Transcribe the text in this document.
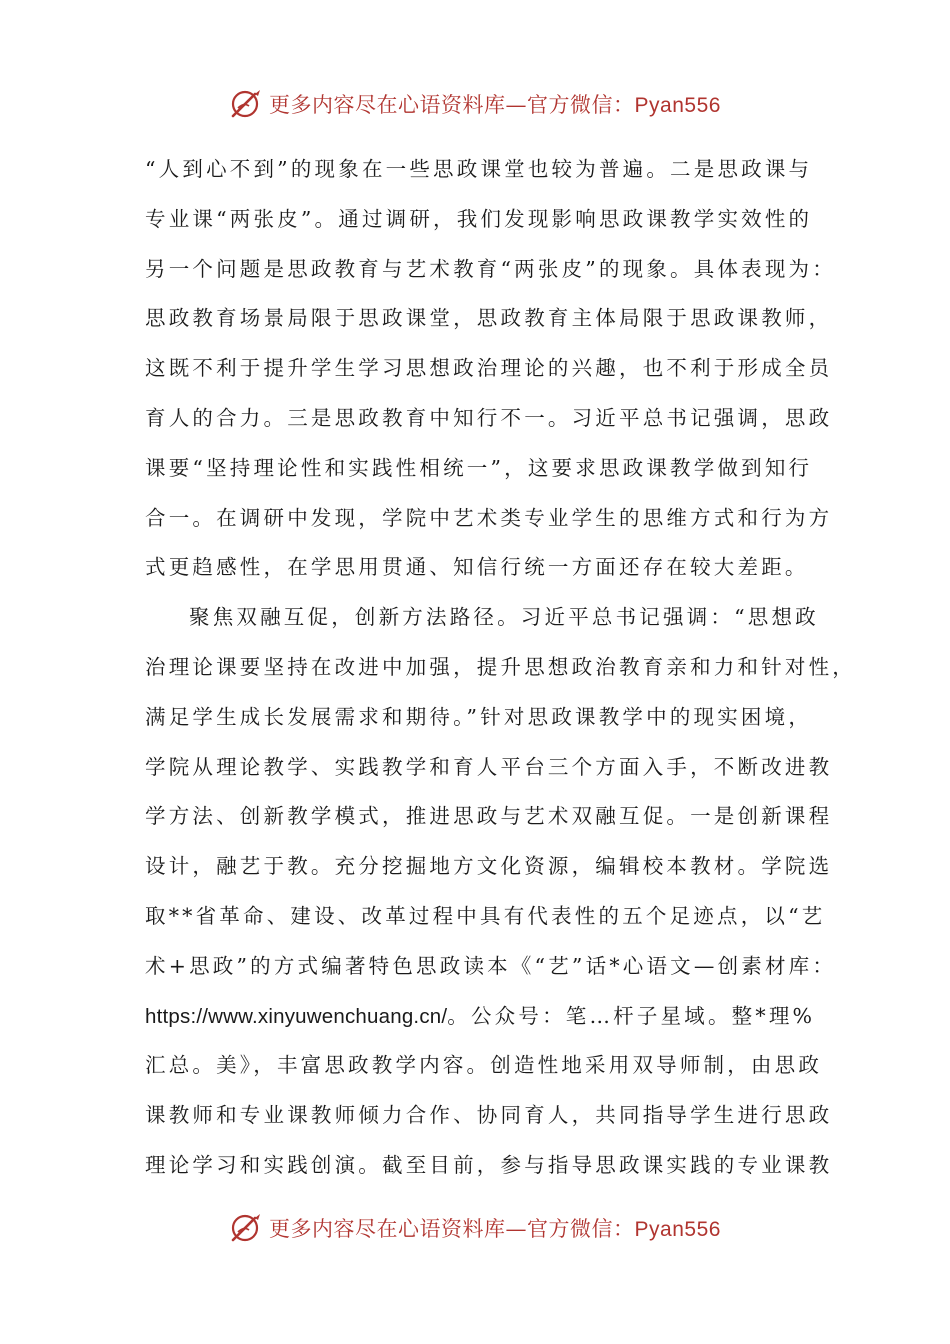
更多内容尽在心语资料库—官方微信：Pyan556
“人到心不到”的现象在一些思政课堂也较为普遍。二是思政课与
专业课“两张皮”。通过调研，我们发现影响思政课教学实效性的
另一个问题是思政教育与艺术教育“两张皮”的现象。具体表现为：
思政教育场景局限于思政课堂，思政教育主体局限于思政课教师，
这既不利于提升学生学习思想政治理论的兴趣，也不利于形成全员
育人的合力。三是思政教育中知行不一。习近平总书记强调，思政
课要“坚持理论性和实践性相统一”，这要求思政课教学做到知行
合一。在调研中发现，学院中艺术类专业学生的思维方式和行为方
式更趋感性，在学思用贯通、知信行统一方面还存在较大差距。
聚焦双融互促，创新方法路径。习近平总书记强调：“思想政
治理论课要坚持在改进中加强，提升思想政治教育亲和力和针对性，
满足学生成长发展需求和期待。”针对思政课教学中的现实困境，
学院从理论教学、实践教学和育人平台三个方面入手，不断改进教
学方法、创新教学模式，推进思政与艺术双融互促。一是创新课程
设计，融艺于教。充分挖掘地方文化资源，编辑校本教材。学院选
取**省革命、建设、改革过程中具有代表性的五个足迹点，以“艺
术+思政”的方式编著特色思政读本《“艺”话*心语文—创素材库：
https://www.xinyuwenchuang.cn/。公众号：笔…杆子星域。整*理%
汇总。美》，丰富思政教学内容。创造性地采用双导师制，由思政
课教师和专业课教师倾力合作、协同育人，共同指导学生进行思政
理论学习和实践创演。截至目前，参与指导思政课实践的专业课教
更多内容尽在心语资料库—官方微信：Pyan556
